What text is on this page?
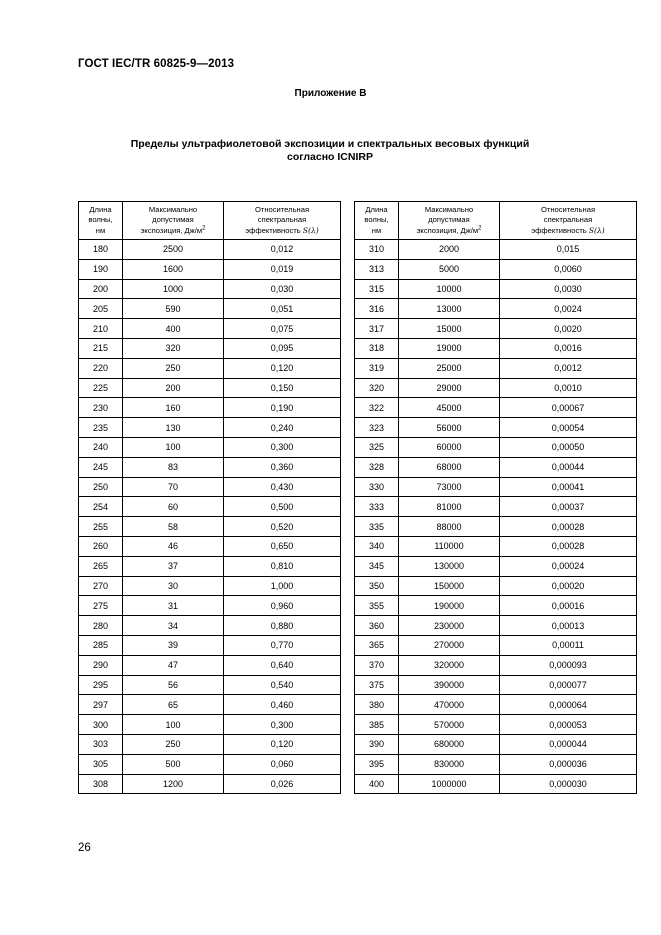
ГОСТ IEC/TR 60825-9—2013
Приложение В
Пределы ультрафиолетовой экспозиции и спектральных весовых функций
согласно ICNIRP
Длина
волны,
нм	Максимально
допустимая
экспозиция, $Дж/м^2$	Относительная
спектральная
эффективность S(λ)		Длина
волны,
нм	Максимально
допустимая
экспозиция, $Дж/м^2$	Относительная
спектральная
эффективность S(λ)
180	2500	0,012		310	2000	0,015
190	1600	0,019		313	5000	0,0060
200	1000	0,030		315	10000	0,0030
205	590	0,051		316	13000	0,0024
210	400	0,075		317	15000	0,0020
215	320	0,095		318	19000	0,0016
220	250	0,120		319	25000	0,0012
225	200	0,150		320	29000	0,0010
230	160	0,190		322	45000	0,00067
235	130	0,240		323	56000	0,00054
240	100	0,300		325	60000	0,00050
245	83	0,360		328	68000	0,00044
250	70	0,430		330	73000	0,00041
254	60	0,500		333	81000	0,00037
255	58	0,520		335	88000	0,00028
260	46	0,650		340	110000	0,00028
265	37	0,810		345	130000	0,00024
270	30	1,000		350	150000	0,00020
275	31	0,960		355	190000	0,00016
280	34	0,880		360	230000	0,00013
285	39	0,770		365	270000	0,00011
290	47	0,640		370	320000	0,000093
295	56	0,540		375	390000	0,000077
297	65	0,460		380	470000	0,000064
300	100	0,300		385	570000	0,000053
303	250	0,120		390	680000	0,000044
305	500	0,060		395	830000	0,000036
308	1200	0,026		400	1000000	0,000030
26
